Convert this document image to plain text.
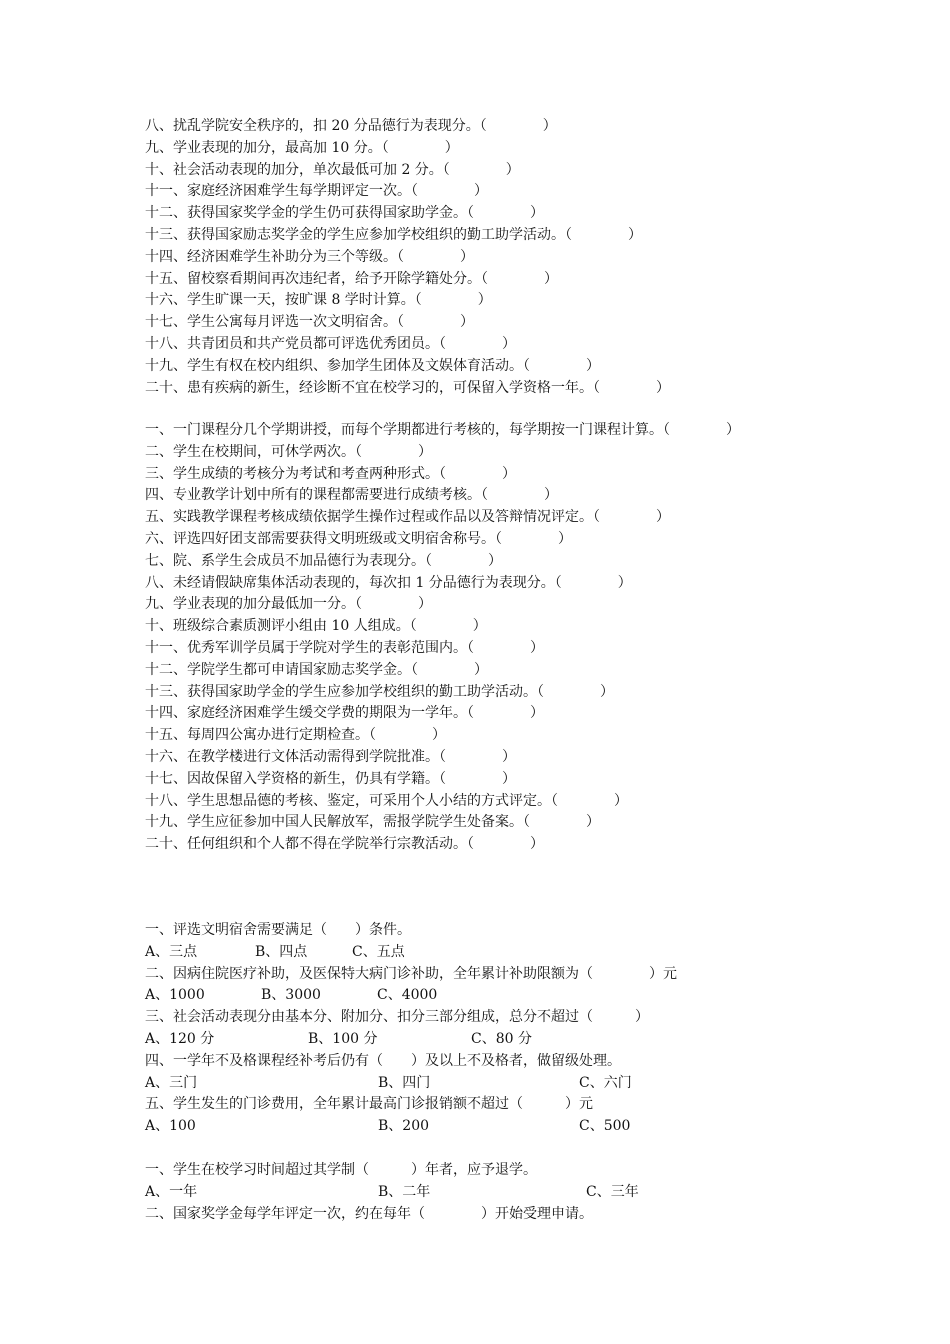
八、扰乱学院安全秩序的，扣 20 分品德行为表现分。（　　　　）
九、学业表现的加分，最高加 10 分。（　　　　）
十、社会活动表现的加分，单次最低可加 2 分。（　　　　）
十一、家庭经济困难学生每学期评定一次。（　　　　）
十二、获得国家奖学金的学生仍可获得国家助学金。（　　　　）
十三、获得国家励志奖学金的学生应参加学校组织的勤工助学活动。（　　　　）
十四、经济困难学生补助分为三个等级。（　　　　）
十五、留校察看期间再次违纪者，给予开除学籍处分。（　　　　）
十六、学生旷课一天，按旷课 8 学时计算。（　　　　）
十七、学生公寓每月评选一次文明宿舍。（　　　　）
十八、共青团员和共产党员都可评选优秀团员。（　　　　）
十九、学生有权在校内组织、参加学生团体及文娱体育活动。（　　　　）
二十、患有疾病的新生，经诊断不宜在校学习的，可保留入学资格一年。（　　　　）
一、一门课程分几个学期讲授，而每个学期都进行考核的，每学期按一门课程计算。（　　　　）
二、学生在校期间，可休学两次。（　　　　）
三、学生成绩的考核分为考试和考查两种形式。（　　　　）
四、专业教学计划中所有的课程都需要进行成绩考核。（　　　　）
五、实践教学课程考核成绩依据学生操作过程或作品以及答辩情况评定。（　　　　）
六、评选四好团支部需要获得文明班级或文明宿舍称号。（　　　　）
七、院、系学生会成员不加品德行为表现分。（　　　　）
八、未经请假缺席集体活动表现的，每次扣 1 分品德行为表现分。（　　　　）
九、学业表现的加分最低加一分。（　　　　）
十、班级综合素质测评小组由 10 人组成。（　　　　）
十一、优秀军训学员属于学院对学生的表彰范围内。（　　　　）
十二、学院学生都可申请国家励志奖学金。（　　　　）
十三、获得国家助学金的学生应参加学校组织的勤工助学活动。（　　　　）
十四、家庭经济困难学生缓交学费的期限为一学年。（　　　　）
十五、每周四公寓办进行定期检查。（　　　　）
十六、在教学楼进行文体活动需得到学院批准。（　　　　）
十七、因故保留入学资格的新生，仍具有学籍。（　　　　）
十八、学生思想品德的考核、鉴定，可采用个人小结的方式评定。（　　　　）
十九、学生应征参加中国人民解放军，需报学院学生处备案。（　　　　）
二十、任何组织和个人都不得在学院举行宗教活动。（　　　　）
一、评选文明宿舍需要满足（　　）条件。
A、三点	B、四点	C、五点
二、因病住院医疗补助，及医保特大病门诊补助，全年累计补助限额为（　　　　）元
A、1000	B、3000	C、4000
三、社会活动表现分由基本分、附加分、扣分三部分组成，总分不超过（　　　）
A、120 分	B、100 分	C、80 分
四、一学年不及格课程经补考后仍有（　　）及以上不及格者，做留级处理。
A、三门	B、四门	C、六门
五、学生发生的门诊费用，全年累计最高门诊报销额不超过（　　　）元
A、100	B、200	C、500
一、学生在校学习时间超过其学制（　　　）年者，应予退学。
A、一年	B、二年	C、三年
二、国家奖学金每学年评定一次，约在每年（　　　　）开始受理申请。
